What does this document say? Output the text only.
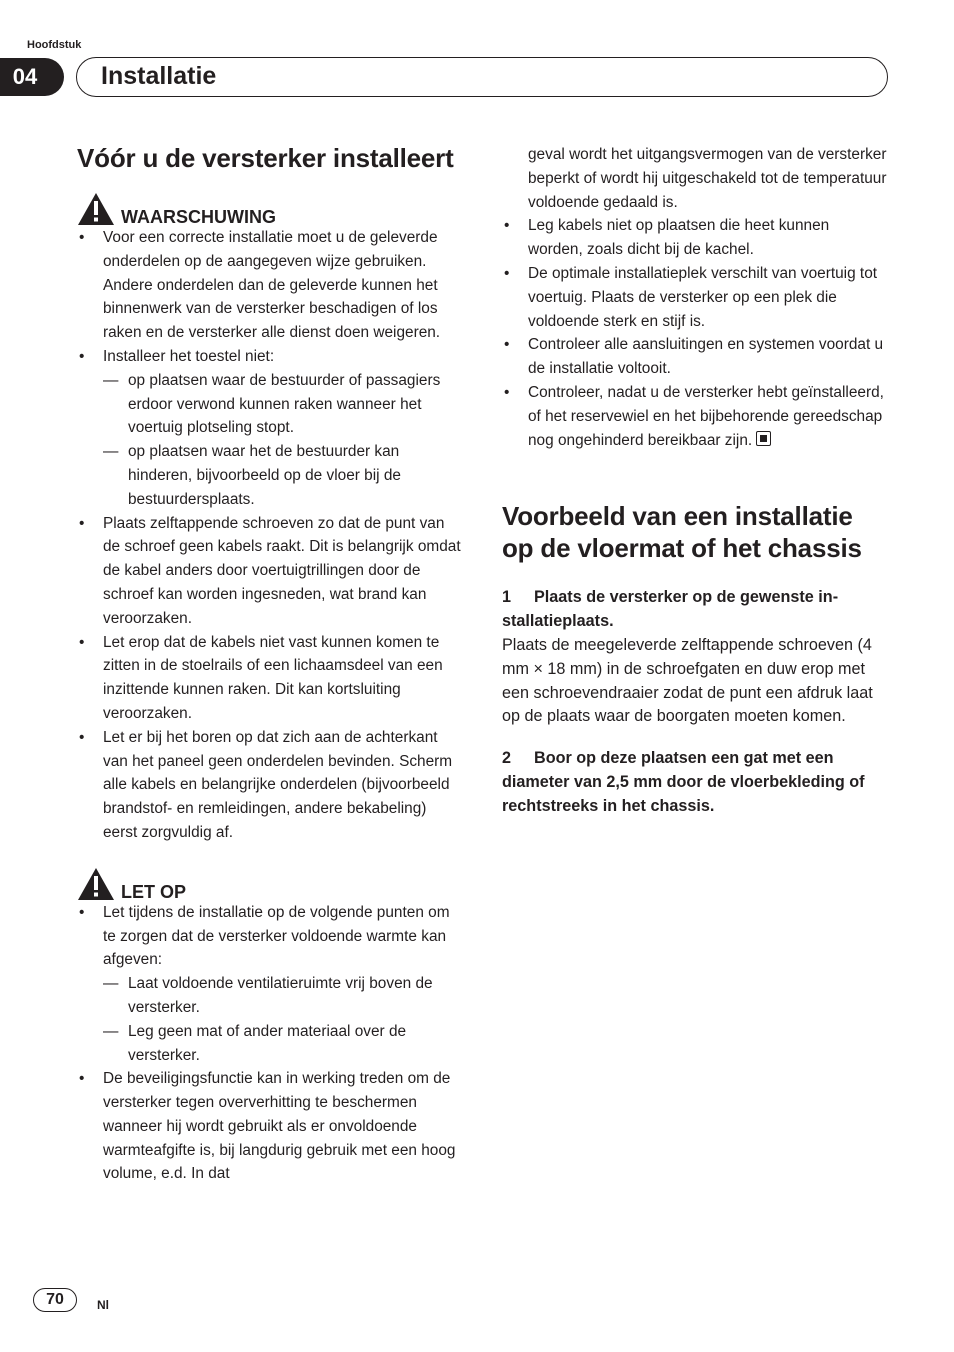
Hoofdstuk
04	Installatie
Vóór u de versterker installeert
WAARSCHUWING
• Voor een correcte installatie moet u de geleverde onderdelen op de aangegeven wijze gebruiken. Andere onderdelen dan de geleverde kunnen het binnenwerk van de versterker beschadigen of los raken en de versterker alle dienst doen weigeren.
• Installeer het toestel niet:
— op plaatsen waar de bestuurder of passagiers erdoor verwond kunnen raken wanneer het voertuig plotseling stopt.
— op plaatsen waar het de bestuurder kan hinderen, bijvoorbeeld op de vloer bij de bestuurdersplaats.
• Plaats zelftappende schroeven zo dat de punt van de schroef geen kabels raakt. Dit is belangrijk omdat de kabel anders door voertuigtrillingen door de schroef kan worden ingesneden, wat brand kan veroorzaken.
• Let erop dat de kabels niet vast kunnen komen te zitten in de stoelrails of een lichaamsdeel van een inzittende kunnen raken. Dit kan kortsluiting veroorzaken.
• Let er bij het boren op dat zich aan de achterkant van het paneel geen onderdelen bevinden. Scherm alle kabels en belangrijke onderdelen (bijvoorbeeld brandstof- en remleidingen, andere bekabeling) eerst zorgvuldig af.
LET OP
• Let tijdens de installatie op de volgende punten om te zorgen dat de versterker voldoende warmte kan afgeven:
— Laat voldoende ventilatieruimte vrij boven de versterker.
— Leg geen mat of ander materiaal over de versterker.
• De beveiligingsfunctie kan in werking treden om de versterker tegen oververhitting te beschermen wanneer hij wordt gebruikt als er onvoldoende warmteafgifte is, bij langdurig gebruik met een hoog volume, e.d. In dat
geval wordt het uitgangsvermogen van de versterker beperkt of wordt hij uitgeschakeld tot de temperatuur voldoende gedaald is.
• Leg kabels niet op plaatsen die heet kunnen worden, zoals dicht bij de kachel.
• De optimale installatieplek verschilt van voertuig tot voertuig. Plaats de versterker op een plek die voldoende sterk en stijf is.
• Controleer alle aansluitingen en systemen voordat u de installatie voltooit.
• Controleer, nadat u de versterker hebt geïnstalleerd, of het reservewiel en het bijbehorende gereedschap nog ongehinderd bereikbaar zijn.
Voorbeeld van een installatie op de vloermat of het chassis
1 Plaats de versterker op de gewenste installatieplaats.
Plaats de meegeleverde zelftappende schroeven (4 mm × 18 mm) in de schroefgaten en duw erop met een schroevendraaier zodat de punt een afdruk laat op de plaats waar de boorgaten moeten komen.
2 Boor op deze plaatsen een gat met een diameter van 2,5 mm door de vloerbekleding of rechtstreeks in het chassis.
70	Nl
